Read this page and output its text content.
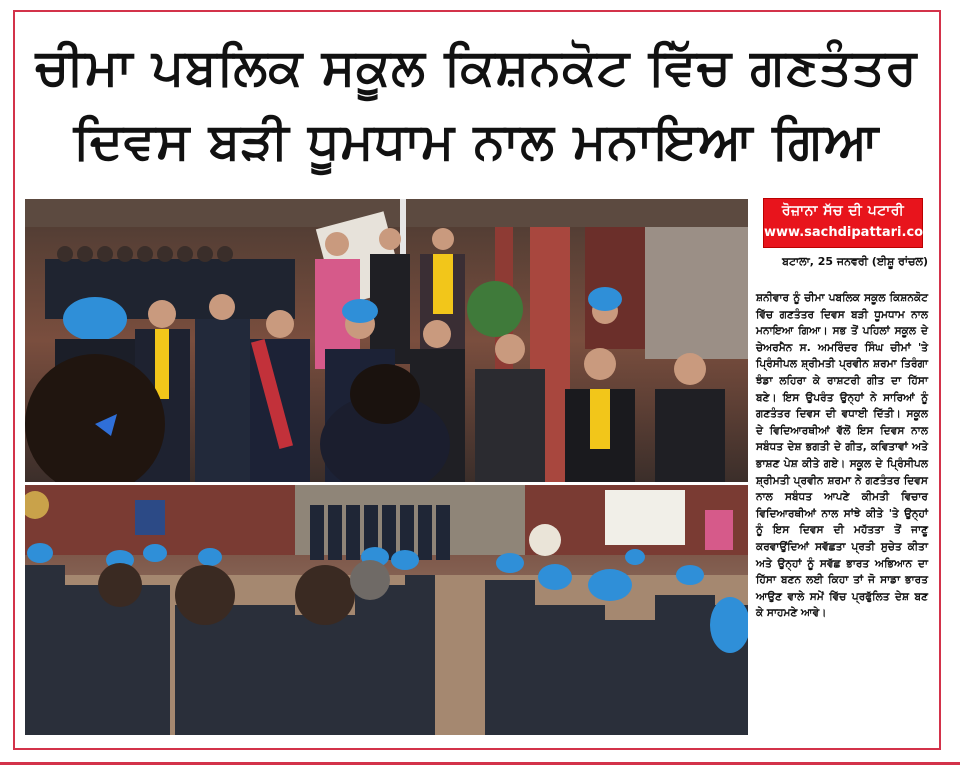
ਚੀਮਾ ਪਬਲਿਕ ਸਕੂਲ ਕਿਸ਼ਨਕੋਟ ਵਿੱਚ ਗਣਤੰਤਰ
ਦਿਵਸ ਬੜੀ ਧੂਮਧਾਮ ਨਾਲ ਮਨਾਇਆ ਗਿਆ
ਰੋਜ਼ਾਨਾ ਸੱਚ ਦੀ ਪਟਾਰੀ
www.sachdipattari.com
ਬਟਾਲਾ, 25 ਜਨਵਰੀ (ਈਸ਼ੂ ਰਾਂਚਲ)
ਸ਼ਨੀਵਾਰ ਨੂੰ ਚੀਮਾ ਪਬਲਿਕ ਸਕੂਲ ਕਿਸ਼ਨਕੋਟ ਵਿੱਚ ਗਣਤੰਤਰ ਦਿਵਸ ਬੜੀ ਧੂਮਧਾਮ ਨਾਲ ਮਨਾਇਆ ਗਿਆ। ਸਭ ਤੋਂ ਪਹਿਲਾਂ ਸਕੂਲ ਦੇ ਚੇਅਰਮੈਨ ਸ. ਅਮਰਿੰਦਰ ਸਿੰਘ ਚੀਮਾਂ 'ਤੇ ਪ੍ਰਿੰਸੀਪਲ ਸ਼੍ਰੀਮਤੀ ਪ੍ਰਵੀਨ ਸ਼ਰਮਾ ਤਿਰੰਗਾ ਝੰਡਾ ਲਹਿਰਾ ਕੇ ਰਾਸ਼ਟਰੀ ਗੀਤ ਦਾ ਹਿੱਸਾ ਬਣੇ। ਇਸ ਉਪਰੰਤ ਉਨ੍ਹਾਂ ਨੇ ਸਾਰਿਆਂ ਨੂੰ ਗਣਤੰਤਰ ਦਿਵਸ ਦੀ ਵਧਾਈ ਦਿੱਤੀ। ਸਕੂਲ ਦੇ ਵਿਦਿਆਰਥੀਆਂ ਵੱਲੋਂ ਇਸ ਦਿਵਸ ਨਾਲ ਸਬੰਧਤ ਦੇਸ਼ ਭਗਤੀ ਦੇ ਗੀਤ, ਕਵਿਤਾਵਾਂ ਅਤੇ ਭਾਸ਼ਣ ਪੇਸ਼ ਕੀਤੇ ਗਏ। ਸਕੂਲ ਦੇ ਪ੍ਰਿੰਸੀਪਲ ਸ਼੍ਰੀਮਤੀ ਪ੍ਰਵੀਨ ਸ਼ਰਮਾ ਨੇ ਗਣਤੰਤਰ ਦਿਵਸ ਨਾਲ ਸਬੰਧਤ ਆਪਣੇ ਕੀਮਤੀ ਵਿਚਾਰ ਵਿਦਿਆਰਥੀਆਂ ਨਾਲ ਸਾਂਝੇ ਕੀਤੇ 'ਤੇ ਉਨ੍ਹਾਂ ਨੂੰ ਇਸ ਦਿਵਸ ਦੀ ਮਹੱਤਤਾ ਤੋਂ ਜਾਣੂ ਕਰਵਾਉਂਦਿਆਂ ਸਵੱਛਤਾ ਪ੍ਰਤੀ ਸੁਚੇਤ ਕੀਤਾ ਅਤੇ ਉਨ੍ਹਾਂ ਨੂੰ ਸਵੱਛ ਭਾਰਤ ਅਭਿਆਨ ਦਾ ਹਿੱਸਾ ਬਣਨ ਲਈ ਕਿਹਾ ਤਾਂ ਜੋ ਸਾਡਾ ਭਾਰਤ ਆਉਣ ਵਾਲੇ ਸਮੇਂ ਵਿੱਚ ਪ੍ਰਫੁੱਲਿਤ ਦੇਸ਼ ਬਣ ਕੇ ਸਾਹਮਣੇ ਆਵੇ।
